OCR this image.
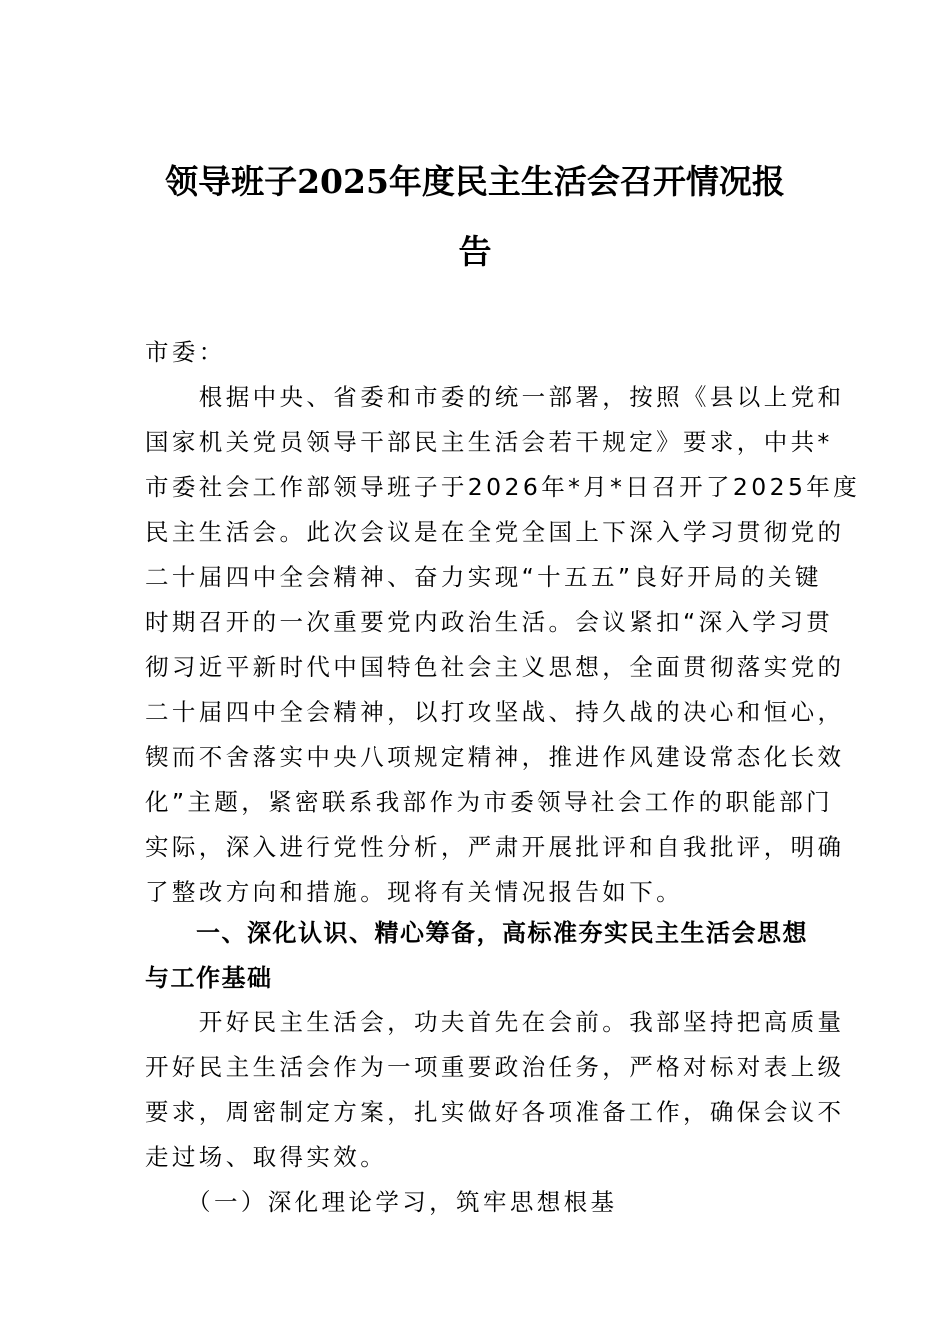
领导班子2025年度民主生活会召开情况报
告
市委：
　　根据中央、省委和市委的统一部署，按照《县以上党和
国家机关党员领导干部民主生活会若干规定》要求，中共*
市委社会工作部领导班子于2026年*月*日召开了2025年度
民主生活会。此次会议是在全党全国上下深入学习贯彻党的
二十届四中全会精神、奋力实现“十五五”良好开局的关键
时期召开的一次重要党内政治生活。会议紧扣“深入学习贯
彻习近平新时代中国特色社会主义思想，全面贯彻落实党的
二十届四中全会精神，以打攻坚战、持久战的决心和恒心，
锲而不舍落实中央八项规定精神，推进作风建设常态化长效
化”主题，紧密联系我部作为市委领导社会工作的职能部门
实际，深入进行党性分析，严肃开展批评和自我批评，明确
了整改方向和措施。现将有关情况报告如下。
　　一、深化认识、精心筹备，高标准夯实民主生活会思想
与工作基础
　　开好民主生活会，功夫首先在会前。我部坚持把高质量
开好民主生活会作为一项重要政治任务，严格对标对表上级
要求，周密制定方案，扎实做好各项准备工作，确保会议不
走过场、取得实效。
　　（一）深化理论学习，筑牢思想根基
